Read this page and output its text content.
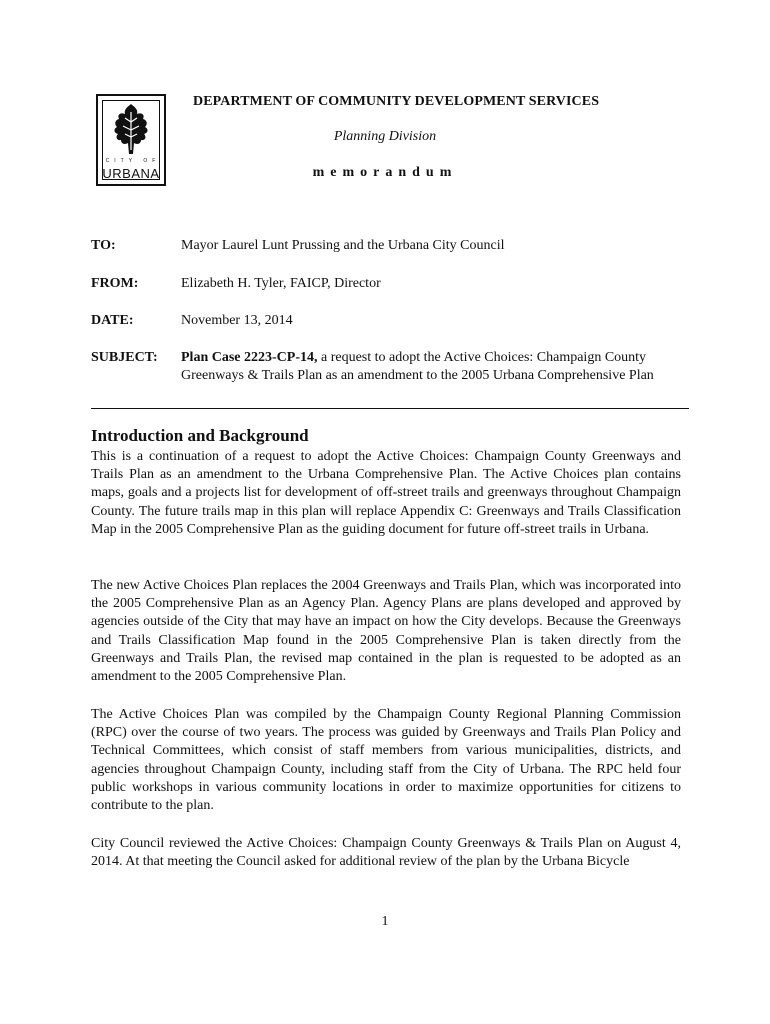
CITY OF
URBANA
DEPARTMENT OF COMMUNITY DEVELOPMENT SERVICES
Planning Division
memorandum
TO:	Mayor Laurel Lunt Prussing and the Urbana City Council
FROM:	Elizabeth H. Tyler, FAICP, Director
DATE:	November 13, 2014
SUBJECT: Plan Case 2223-CP-14, a request to adopt the Active Choices: Champaign County
Greenways & Trails Plan as an amendment to the 2005 Urbana Comprehensive Plan
Introduction and Background

This is a continuation of a request to adopt the Active Choices: Champaign County Greenways and Trails Plan as an amendment to the Urbana Comprehensive Plan. The Active Choices plan contains maps, goals and a projects list for development of off-street trails and greenways throughout Champaign County. The future trails map in this plan will replace Appendix C: Greenways and Trails Classification Map in the 2005 Comprehensive Plan as the guiding document for future off-street trails in Urbana.

The new Active Choices Plan replaces the 2004 Greenways and Trails Plan, which was incorporated into the 2005 Comprehensive Plan as an Agency Plan. Agency Plans are plans developed and approved by agencies outside of the City that may have an impact on how the City develops. Because the Greenways and Trails Classification Map found in the 2005 Comprehensive Plan is taken directly from the Greenways and Trails Plan, the revised map contained in the plan is requested to be adopted as an amendment to the 2005 Comprehensive Plan.

The Active Choices Plan was compiled by the Champaign County Regional Planning Commission (RPC) over the course of two years. The process was guided by Greenways and Trails Plan Policy and Technical Committees, which consist of staff members from various municipalities, districts, and agencies throughout Champaign County, including staff from the City of Urbana. The RPC held four public workshops in various community locations in order to maximize opportunities for citizens to contribute to the plan.

City Council reviewed the Active Choices: Champaign County Greenways & Trails Plan on August 4, 2014. At that meeting the Council asked for additional review of the plan by the Urbana Bicycle

1
